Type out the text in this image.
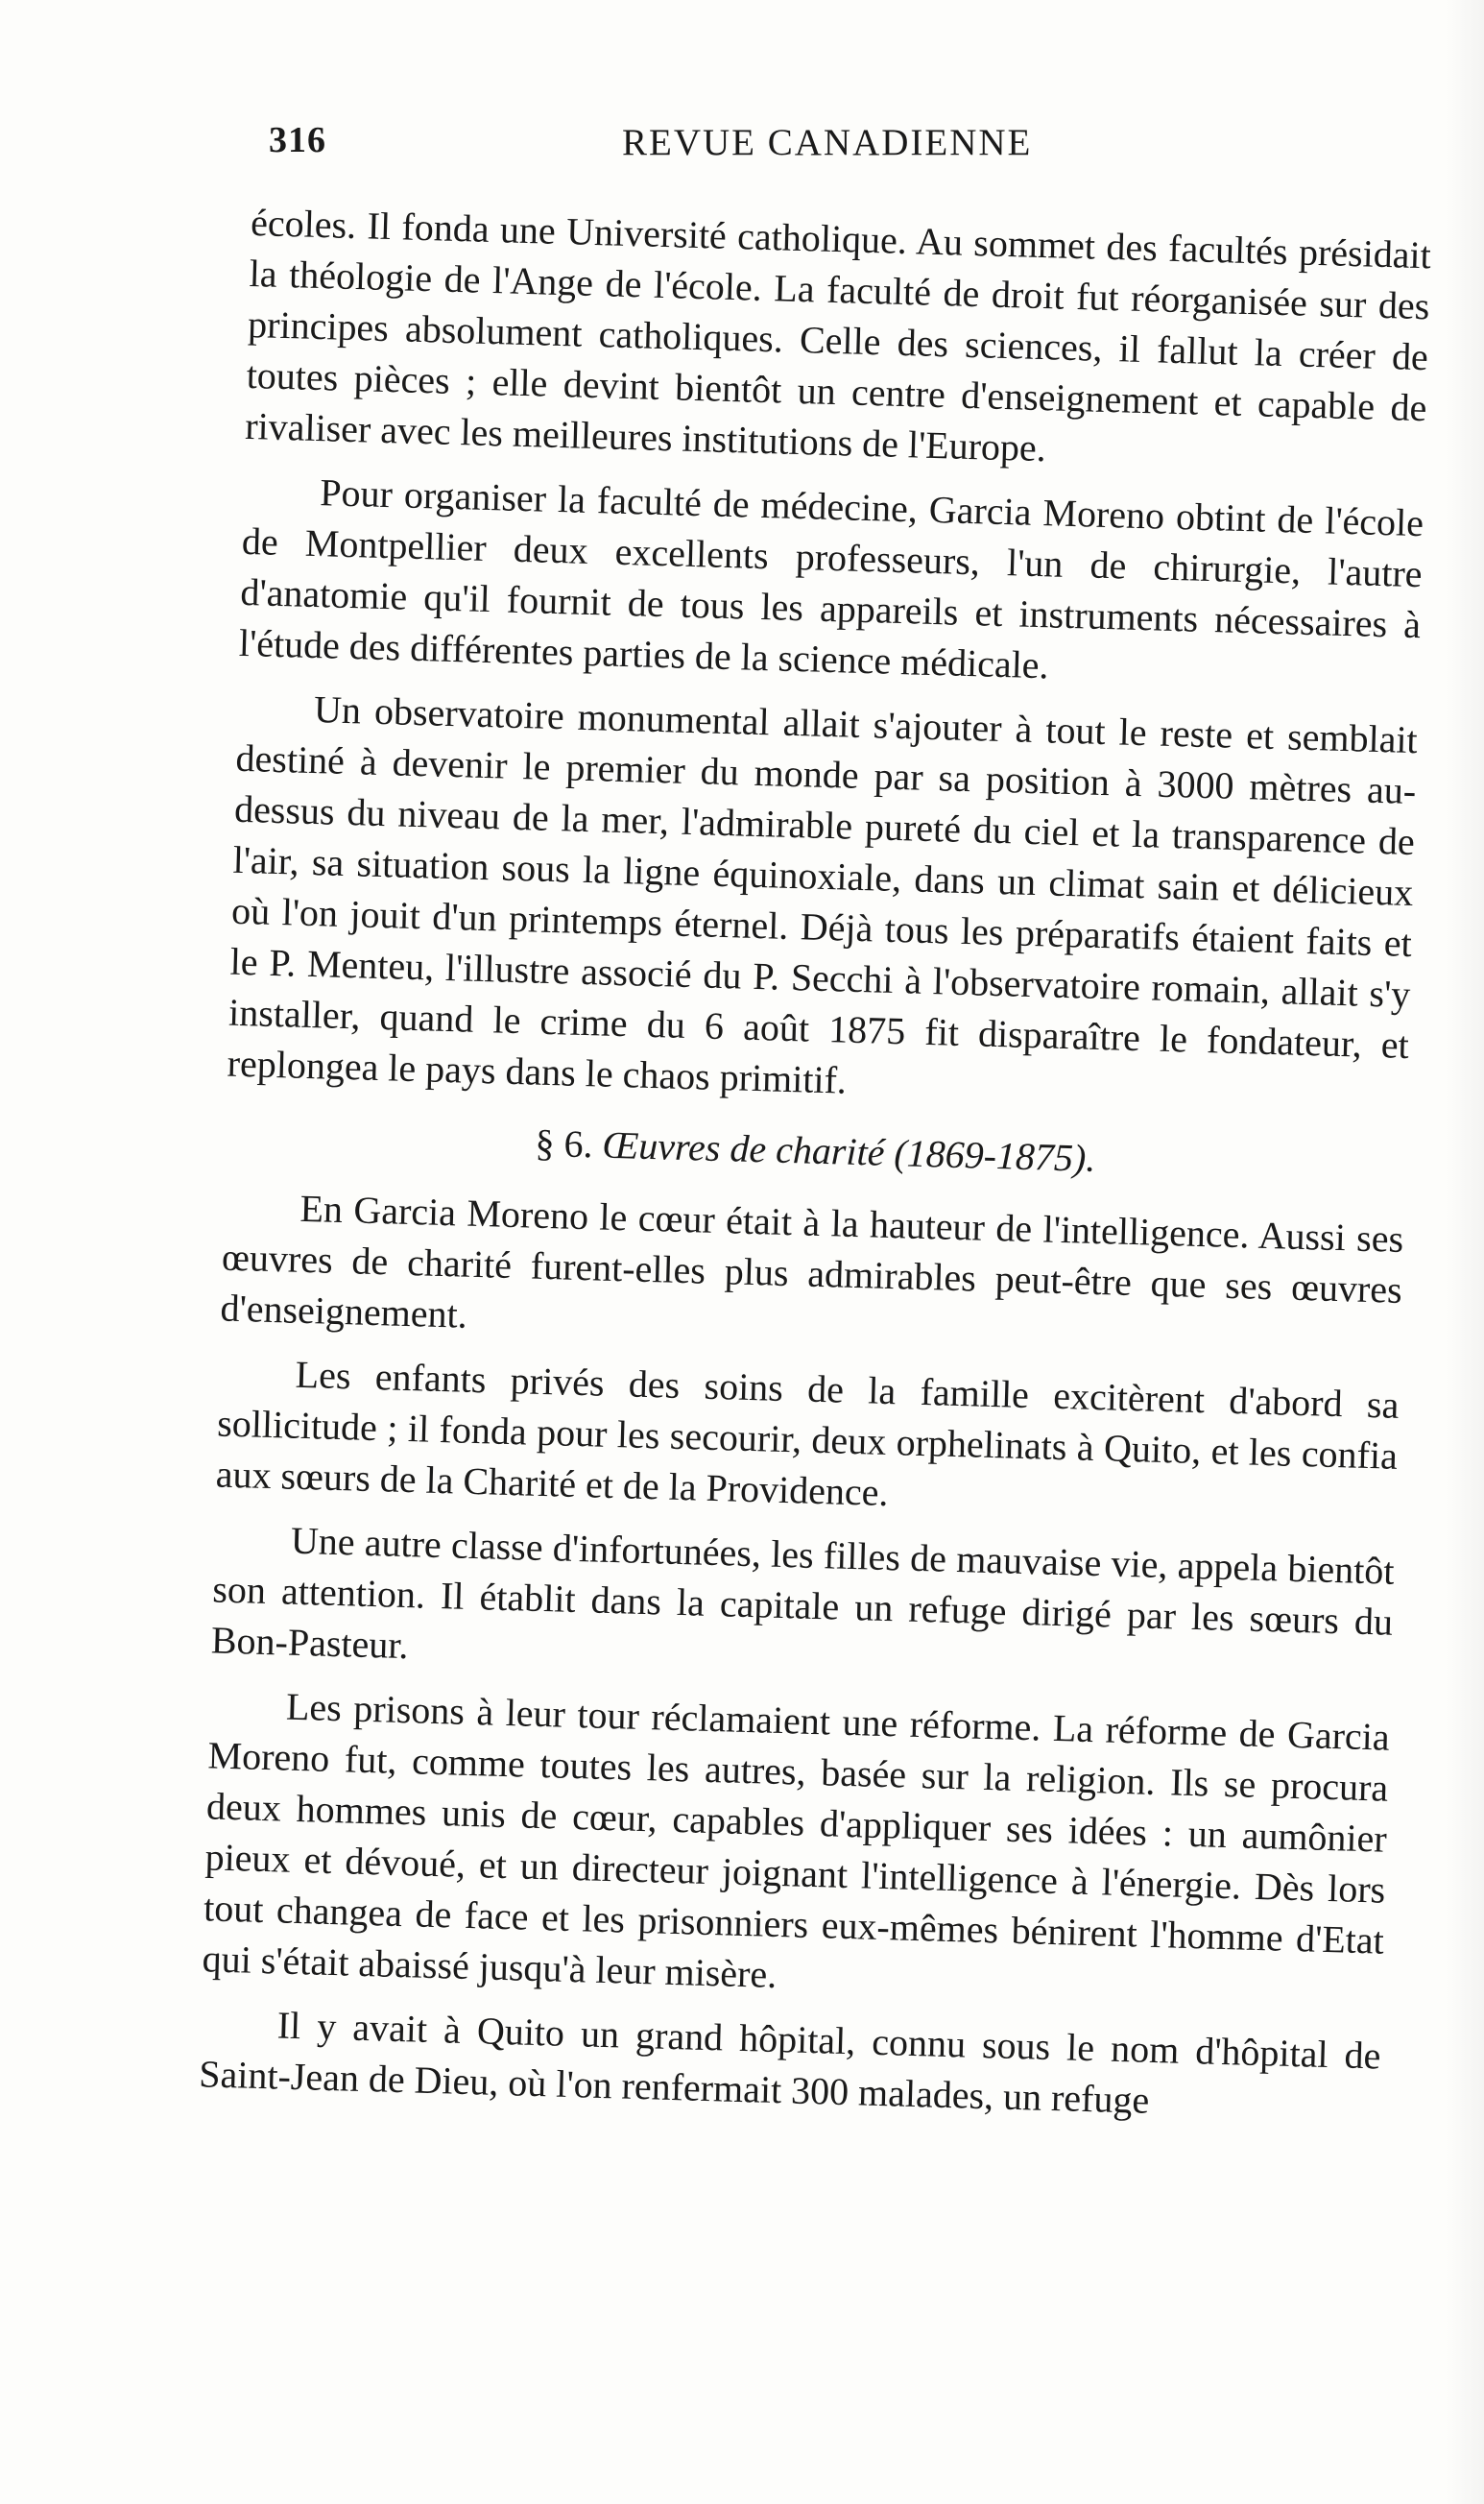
316	REVUE CANADIENNE

écoles. Il fonda une Université catholique. Au sommet des facultés présidait la théologie de l'Ange de l'école. La faculté de droit fut réorganisée sur des principes absolument catholiques. Celle des sciences, il fallut la créer de toutes pièces ; elle devint bientôt un centre d'enseignement et capable de rivaliser avec les meilleures institutions de l'Europe.

Pour organiser la faculté de médecine, Garcia Moreno obtint de l'école de Montpellier deux excellents professeurs, l'un de chirurgie, l'autre d'anatomie qu'il fournit de tous les appareils et instruments nécessaires à l'étude des différentes parties de la science médicale.

Un observatoire monumental allait s'ajouter à tout le reste et semblait destiné à devenir le premier du monde par sa position à 3000 mètres au-dessus du niveau de la mer, l'admirable pureté du ciel et la transparence de l'air, sa situation sous la ligne équinoxiale, dans un climat sain et délicieux où l'on jouit d'un printemps éternel. Déjà tous les préparatifs étaient faits et le P. Menteu, l'illustre associé du P. Secchi à l'observatoire romain, allait s'y installer, quand le crime du 6 août 1875 fit disparaître le fondateur, et replongea le pays dans le chaos primitif.

§ 6. Œuvres de charité (1869-1875).

En Garcia Moreno le cœur était à la hauteur de l'intelligence. Aussi ses œuvres de charité furent-elles plus admirables peut-être que ses œuvres d'enseignement.

Les enfants privés des soins de la famille excitèrent d'abord sa sollicitude ; il fonda pour les secourir, deux orphelinats à Quito, et les confia aux sœurs de la Charité et de la Providence.

Une autre classe d'infortunées, les filles de mauvaise vie, appela bientôt son attention. Il établit dans la capitale un refuge dirigé par les sœurs du Bon-Pasteur.

Les prisons à leur tour réclamaient une réforme. La réforme de Garcia Moreno fut, comme toutes les autres, basée sur la religion. Ils se procura deux hommes unis de cœur, capables d'appliquer ses idées : un aumônier pieux et dévoué, et un directeur joignant l'intelligence à l'énergie. Dès lors tout changea de face et les prisonniers eux-mêmes bénirent l'homme d'Etat qui s'était abaissé jusqu'à leur misère.

Il y avait à Quito un grand hôpital, connu sous le nom d'hôpital de Saint-Jean de Dieu, où l'on renfermait 300 malades, un refuge
